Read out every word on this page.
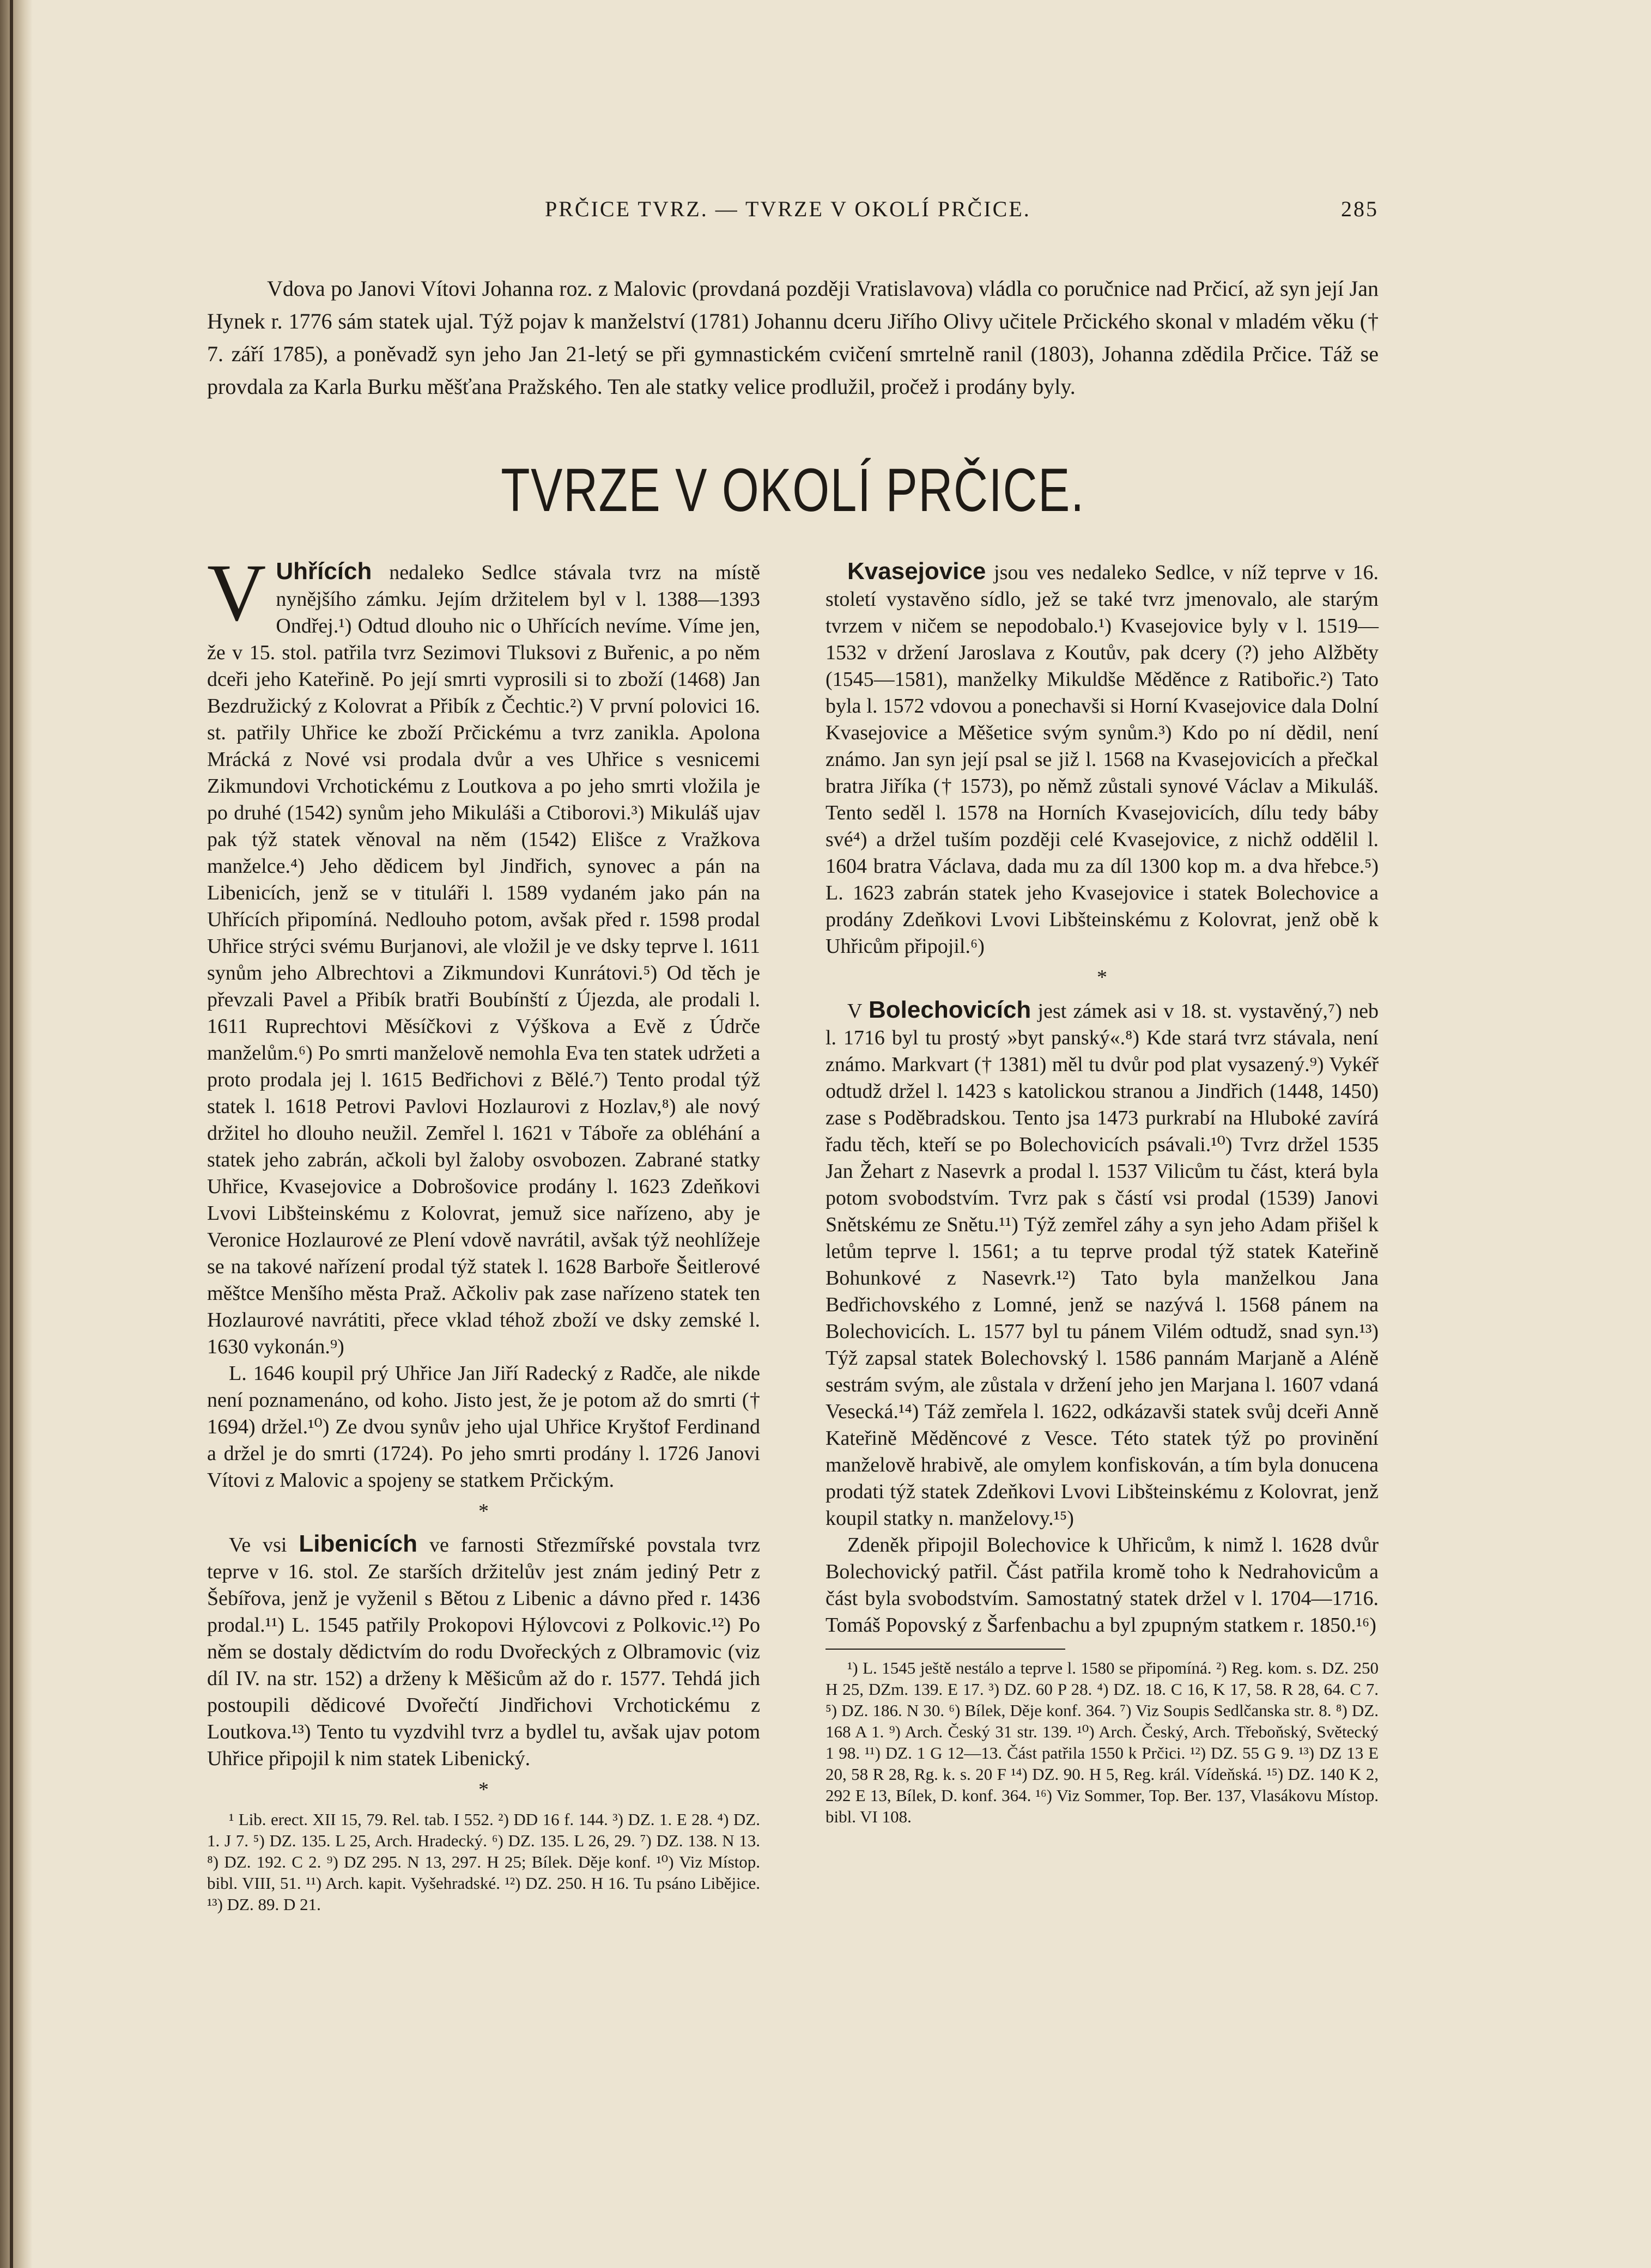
PRČICE TVRZ. — TVRZE V OKOLÍ PRČICE.	285

Vdova po Janovi Vítovi Johanna roz. z Malovic (provdaná později Vratislavova) vládla co poručnice nad Prčicí, až syn její Jan Hynek r. 1776 sám statek ujal. Týž pojav k manželství (1781) Johannu dceru Jiřího Olivy učitele Prčického skonal v mladém věku († 7. září 1785), a poněvadž syn jeho Jan 21-letý se při gymnastickém cvičení smrtelně ranil (1803), Johanna zdědila Prčice. Táž se provdala za Karla Burku měšťana Pražského. Ten ale statky velice prodlužil, pročež i prodány byly.

TVRZE V OKOLÍ PRČICE.

V Uhřících nedaleko Sedlce stávala tvrz na místě nynějšího zámku. Jejím držitelem byl v l. 1388—1393 Ondřej.¹) Odtud dlouho nic o Uhřících nevíme. Víme jen, že v 15. stol. patřila tvrz Sezimovi Tluksovi z Buřenic, a po něm dceři jeho Kateřině. Po její smrti vyprosili si to zboží (1468) Jan Bezdružický z Kolovrat a Přibík z Čechtic.²) V první polovici 16. st. patřily Uhřice ke zboží Prčickému a tvrz zanikla. Apolona Mrácká z Nové vsi prodala dvůr a ves Uhřice s vesnicemi Zikmundovi Vrchotickému z Loutkova a po jeho smrti vložila je po druhé (1542) synům jeho Mikuláši a Ctiborovi.³) Mikuláš ujav pak týž statek věnoval na něm (1542) Elišce z Vražkova manželce.⁴) Jeho dědicem byl Jindřich, synovec a pán na Libenicích, jenž se v tituláři l. 1589 vydaném jako pán na Uhřících připomíná. Nedlouho potom, avšak před r. 1598 prodal Uhřice strýci svému Burjanovi, ale vložil je ve dsky teprve l. 1611 synům jeho Albrechtovi a Zikmundovi Kunrátovi.⁵) Od těch je převzali Pavel a Přibík bratři Boubínští z Újezda, ale prodali l. 1611 Ruprechtovi Měsíčkovi z Výškova a Evě z Údrče manželům.⁶) Po smrti manželově nemohla Eva ten statek udržeti a proto prodala jej l. 1615 Bedřichovi z Bělé.⁷) Tento prodal týž statek l. 1618 Petrovi Pavlovi Hozlaurovi z Hozlav,⁸) ale nový držitel ho dlouho neužil. Zemřel l. 1621 v Táboře za obléhání a statek jeho zabrán, ačkoli byl žaloby osvobozen. Zabrané statky Uhřice, Kvasejovice a Dobrošovice prodány l. 1623 Zdeňkovi Lvovi Libšteinskému z Kolovrat, jemuž sice nařízeno, aby je Veronice Hozlaurové ze Plení vdově navrátil, avšak týž neohlížeje se na takové nařízení prodal týž statek l. 1628 Barboře Šeitlerové měštce Menšího města Praž. Ačkoliv pak zase nařízeno statek ten Hozlaurové navrátiti, přece vklad téhož zboží ve dsky zemské l. 1630 vykonán.⁹)

L. 1646 koupil prý Uhřice Jan Jiří Radecký z Radče, ale nikde není poznamenáno, od koho. Jisto jest, že je potom až do smrti († 1694) držel.¹⁰) Ze dvou synův jeho ujal Uhřice Kryštof Ferdinand a držel je do smrti (1724). Po jeho smrti prodány l. 1726 Janovi Vítovi z Malovic a spojeny se statkem Prčickým.

*

Ve vsi Libenicích ve farnosti Střezmířské povstala tvrz teprve v 16. stol. Ze starších držitelův jest znám jediný Petr z Šebířova, jenž je vyženil s Bětou z Libenic a dávno před r. 1436 prodal.¹¹) L. 1545 patřily Prokopovi Hýlovcovi z Polkovic.¹²) Po něm se dostaly dědictvím do rodu Dvořeckých z Olbramovic (viz díl IV. na str. 152) a drženy k Měšicům až do r. 1577. Tehdá jich postoupili dědicové Dvořečtí Jindřichovi Vrchotickému z Loutkova.¹³) Tento tu vyzdvihl tvrz a bydlel tu, avšak ujav potom Uhřice připojil k nim statek Libenický.

*

¹ Lib. erect. XII 15, 79. Rel. tab. I 552. ²) DD 16 f. 144. ³) DZ. 1. E 28. ⁴) DZ. 1. J 7. ⁵) DZ. 135. L 25, Arch. Hradecký. ⁶) DZ. 135. L 26, 29. ⁷) DZ. 138. N 13. ⁸) DZ. 192. C 2. ⁹) DZ 295. N 13, 297. H 25; Bílek. Děje konf. ¹⁰) Viz Místop. bibl. VIII, 51. ¹¹) Arch. kapit. Vyšehradské. ¹²) DZ. 250. H 16. Tu psáno Libějice. ¹³) DZ. 89. D 21.

Kvasejovice jsou ves nedaleko Sedlce, v níž teprve v 16. století vystavěno sídlo, jež se také tvrz jmenovalo, ale starým tvrzem v ničem se nepodobalo.¹) Kvasejovice byly v l. 1519—1532 v držení Jaroslava z Koutův, pak dcery (?) jeho Alžběty (1545—1581), manželky Mikuldše Měděnce z Ratibořic.²) Tato byla l. 1572 vdovou a ponechavši si Horní Kvasejovice dala Dolní Kvasejovice a Měšetice svým synům.³) Kdo po ní dědil, není známo. Jan syn její psal se již l. 1568 na Kvasejovicích a přečkal bratra Jiříka († 1573), po němž zůstali synové Václav a Mikuláš. Tento seděl l. 1578 na Horních Kvasejovicích, dílu tedy báby své⁴) a držel tuším později celé Kvasejovice, z nichž oddělil l. 1604 bratra Václava, dada mu za díl 1300 kop m. a dva hřebce.⁵) L. 1623 zabrán statek jeho Kvasejovice i statek Bolechovice a prodány Zdeňkovi Lvovi Libšteinskému z Kolovrat, jenž obě k Uhřicům připojil.⁶)

*

V Bolechovicích jest zámek asi v 18. st. vystavěný,⁷) neb l. 1716 byl tu prostý »byt panský«.⁸) Kde stará tvrz stávala, není známo. Markvart († 1381) měl tu dvůr pod plat vysazený.⁹) Vykéř odtudž držel l. 1423 s katolickou stranou a Jindřich (1448, 1450) zase s Poděbradskou. Tento jsa 1473 purkrabí na Hluboké zavírá řadu těch, kteří se po Bolechovicích psávali.¹⁰) Tvrz držel 1535 Jan Žehart z Nasevrk a prodal l. 1537 Vilicům tu část, která byla potom svobodstvím. Tvrz pak s částí vsi prodal (1539) Janovi Snětskému ze Snětu.¹¹) Týž zemřel záhy a syn jeho Adam přišel k letům teprve l. 1561; a tu teprve prodal týž statek Kateřině Bohunkové z Nasevrk.¹²) Tato byla manželkou Jana Bedřichovského z Lomné, jenž se nazývá l. 1568 pánem na Bolechovicích. L. 1577 byl tu pánem Vilém odtudž, snad syn.¹³) Týž zapsal statek Bolechovský l. 1586 pannám Marjaně a Aléně sestrám svým, ale zůstala v držení jeho jen Marjana l. 1607 vdaná Vesecká.¹⁴) Táž zemřela l. 1622, odkázavši statek svůj dceři Anně Kateřině Měděncové z Vesce. Této statek týž po provinění manželově hrabivě, ale omylem konfiskován, a tím byla donucena prodati týž statek Zdeňkovi Lvovi Libšteinskému z Kolovrat, jenž koupil statky n. manželovy.¹⁵)

Zdeněk připojil Bolechovice k Uhřicům, k nimž l. 1628 dvůr Bolechovický patřil. Část patřila kromě toho k Nedrahovicům a část byla svobodstvím. Samostatný statek držel v l. 1704—1716. Tomáš Popovský z Šarfenbachu a byl zpupným statkem r. 1850.¹⁶)

¹) L. 1545 ještě nestálo a teprve l. 1580 se připomíná. ²) Reg. kom. s. DZ. 250 H 25, DZm. 139. E 17. ³) DZ. 60 P 28. ⁴) DZ. 18. C 16, K 17, 58. R 28, 64. C 7. ⁵) DZ. 186. N 30. ⁶) Bílek, Děje konf. 364. ⁷) Viz Soupis Sedlčanska str. 8. ⁸) DZ. 168 A 1. ⁹) Arch. Český 31 str. 139. ¹⁰) Arch. Český, Arch. Třeboňský, Světecký 1 98. ¹¹) DZ. 1 G 12—13. Část patřila 1550 k Prčici. ¹²) DZ. 55 G 9. ¹³) DZ 13 E 20, 58 R 28, Rg. k. s. 20 F ¹⁴) DZ. 90. H 5, Reg. král. Vídeňská. ¹⁵) DZ. 140 K 2, 292 E 13, Bílek, D. konf. 364. ¹⁶) Viz Sommer, Top. Ber. 137, Vlasákovu Místop. bibl. VI 108.
